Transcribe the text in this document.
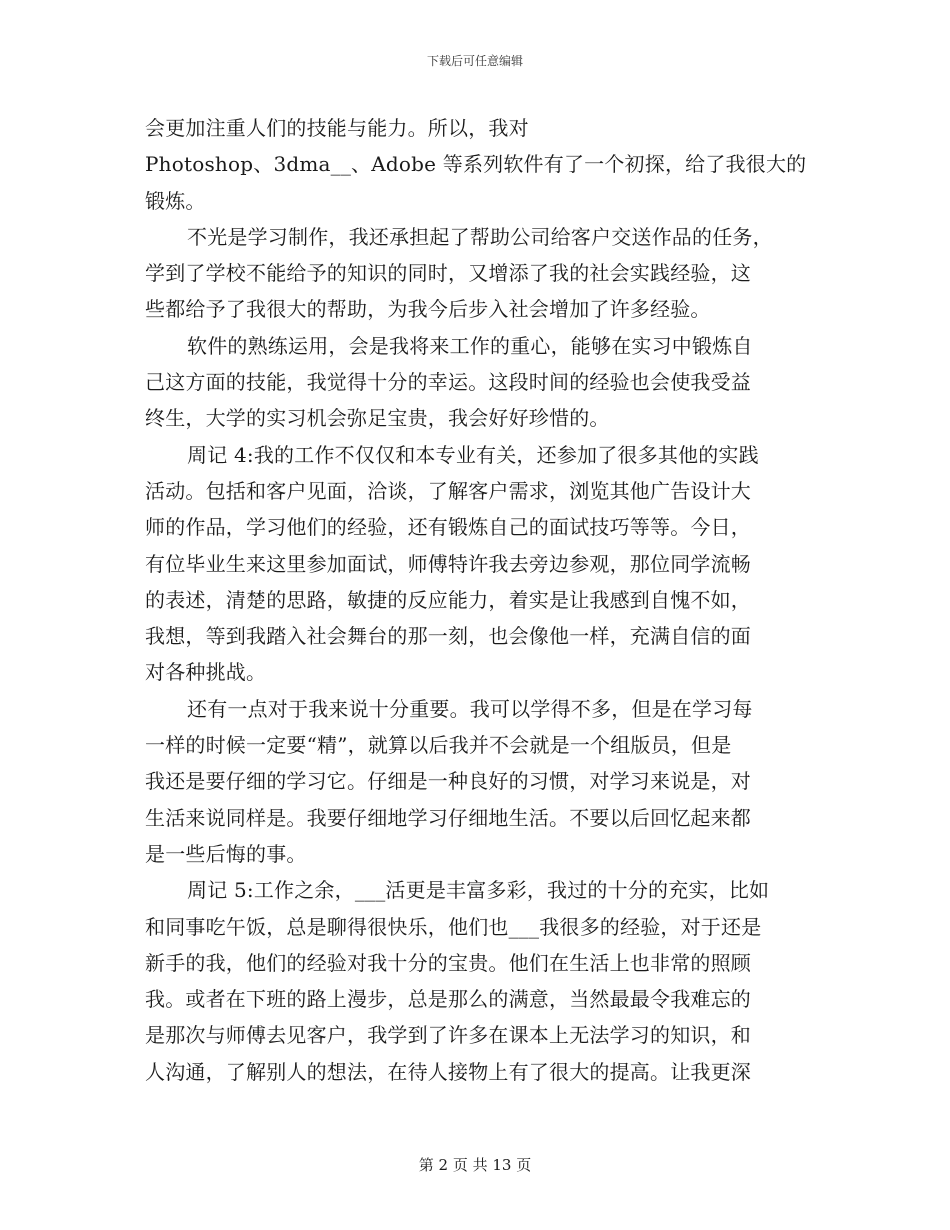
下载后可任意编辑
会更加注重人们的技能与能力。所以，我对
Photoshop、3dma__、Adobe 等系列软件有了一个初探，给了我很大的
锻炼。
不光是学习制作，我还承担起了帮助公司给客户交送作品的任务，
学到了学校不能给予的知识的同时，又增添了我的社会实践经验，这
些都给予了我很大的帮助，为我今后步入社会增加了许多经验。
软件的熟练运用，会是我将来工作的重心，能够在实习中锻炼自
己这方面的技能，我觉得十分的幸运。这段时间的经验也会使我受益
终生，大学的实习机会弥足宝贵，我会好好珍惜的。
周记 4:我的工作不仅仅和本专业有关，还参加了很多其他的实践
活动。包括和客户见面，洽谈，了解客户需求，浏览其他广告设计大
师的作品，学习他们的经验，还有锻炼自己的面试技巧等等。今日，
有位毕业生来这里参加面试，师傅特许我去旁边参观，那位同学流畅
的表述，清楚的思路，敏捷的反应能力，着实是让我感到自愧不如，
我想，等到我踏入社会舞台的那一刻，也会像他一样，充满自信的面
对各种挑战。
还有一点对于我来说十分重要。我可以学得不多，但是在学习每
一样的时候一定要“精”，就算以后我并不会就是一个组版员，但是
我还是要仔细的学习它。仔细是一种良好的习惯，对学习来说是，对
生活来说同样是。我要仔细地学习仔细地生活。不要以后回忆起来都
是一些后悔的事。
周记 5:工作之余，___活更是丰富多彩，我过的十分的充实，比如
和同事吃午饭，总是聊得很快乐，他们也___我很多的经验，对于还是
新手的我，他们的经验对我十分的宝贵。他们在生活上也非常的照顾
我。或者在下班的路上漫步，总是那么的满意，当然最最令我难忘的
是那次与师傅去见客户，我学到了许多在课本上无法学习的知识，和
人沟通，了解别人的想法，在待人接物上有了很大的提高。让我更深
第 2 页 共 13 页
